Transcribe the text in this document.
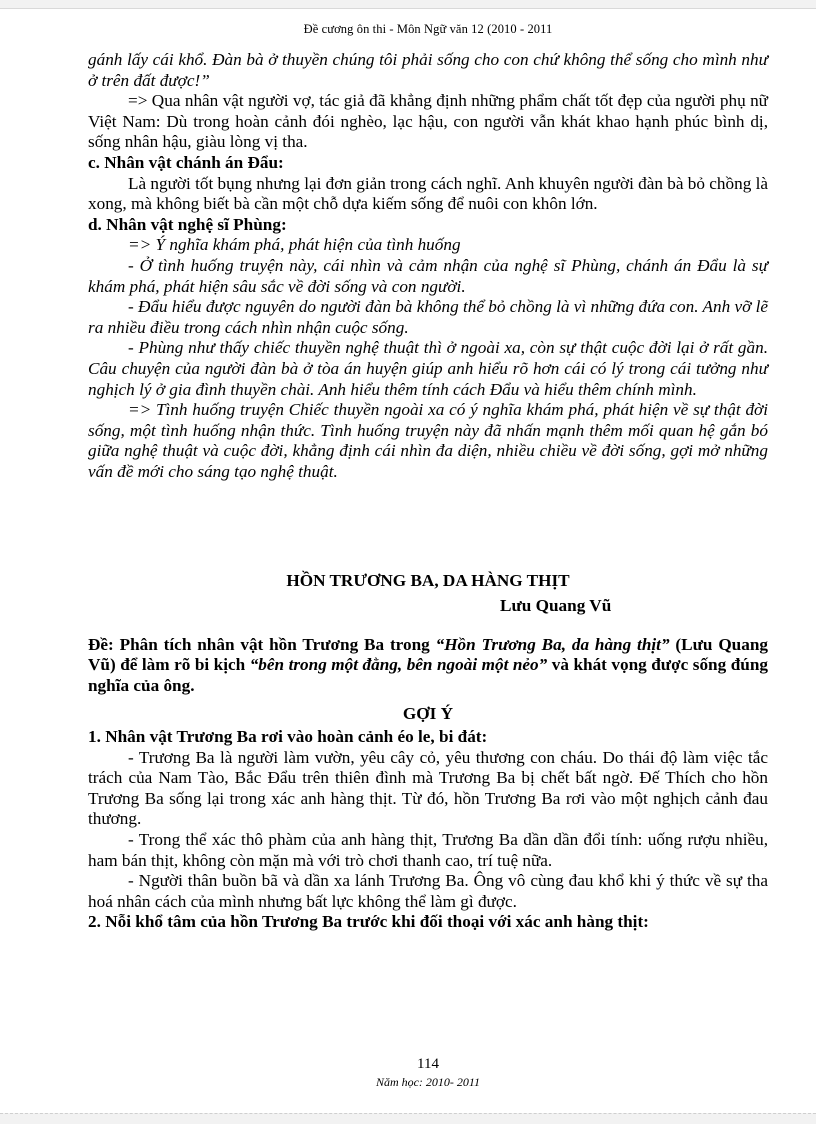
Đề cương ôn thi - Môn Ngữ văn 12 (2010 - 2011

gánh lấy cái khổ. Đàn bà ở thuyền chúng tôi phải sống cho con chứ không thể sống cho mình như ở trên đất được!”

=> Qua nhân vật người vợ, tác giả đã khẳng định những phẩm chất tốt đẹp của người phụ nữ Việt Nam: Dù trong hoàn cảnh đói nghèo, lạc hậu, con người vẫn khát khao hạnh phúc bình dị, sống nhân hậu, giàu lòng vị tha.

c. Nhân vật chánh án Đẩu:

Là người tốt bụng nhưng lại đơn giản trong cách nghĩ. Anh khuyên người đàn bà bỏ chồng là xong, mà không biết bà cần một chỗ dựa kiếm sống để nuôi con khôn lớn.

d. Nhân vật nghệ sĩ Phùng:

=> Ý nghĩa khám phá, phát hiện của tình huống

- Ở tình huống truyện này, cái nhìn và cảm nhận của nghệ sĩ Phùng, chánh án Đẩu là sự khám phá, phát hiện sâu sắc về đời sống và con người.

- Đẩu hiểu được nguyên do người đàn bà không thể bỏ chồng là vì những đứa con. Anh vỡ lẽ ra nhiều điều trong cách nhìn nhận cuộc sống.

- Phùng như thấy chiếc thuyền nghệ thuật thì ở ngoài xa, còn sự thật cuộc đời lại ở rất gần. Câu chuyện của người đàn bà ở tòa án huyện giúp anh hiểu rõ hơn cái có lý trong cái tưởng như nghịch lý ở gia đình thuyền chài. Anh hiểu thêm tính cách Đẩu và hiểu thêm chính mình.

=> Tình huống truyện Chiếc thuyền ngoài xa có ý nghĩa khám phá, phát hiện về sự thật đời sống, một tình huống nhận thức. Tình huống truyện này đã nhấn mạnh thêm mối quan hệ gắn bó giữa nghệ thuật và cuộc đời, khẳng định cái nhìn đa diện, nhiều chiều về đời sống, gợi mở những vấn đề mới cho sáng tạo nghệ thuật.

HỒN TRƯƠNG BA, DA HÀNG THỊT

Lưu Quang Vũ

Đề: Phân tích nhân vật hồn Trương Ba trong “Hồn Trương Ba, da hàng thịt” (Lưu Quang Vũ) để làm rõ bi kịch “bên trong một đằng, bên ngoài một nẻo” và khát vọng được sống đúng nghĩa của ông.

GỢI Ý

1. Nhân vật Trương Ba rơi vào hoàn cảnh éo le, bi đát:

- Trương Ba là người làm vườn, yêu cây cỏ, yêu thương con cháu. Do thái độ làm việc tắc trách của Nam Tào, Bắc Đẩu trên thiên đình mà Trương Ba bị chết bất ngờ. Đế Thích cho hồn Trương Ba sống lại trong xác anh hàng thịt. Từ đó, hồn Trương Ba rơi vào một nghịch cảnh đau thương.

- Trong thể xác thô phàm của anh hàng thịt, Trương Ba dần dần đổi tính: uống rượu nhiều, ham bán thịt, không còn mặn mà với trò chơi thanh cao, trí tuệ nữa.

- Người thân buồn bã và dần xa lánh Trương Ba. Ông vô cùng đau khổ khi ý thức về sự tha hoá nhân cách của mình nhưng bất lực không thể làm gì được.

2. Nỗi khổ tâm của hồn Trương Ba trước khi đối thoại với xác anh hàng thịt:

114
Năm học: 2010- 2011
